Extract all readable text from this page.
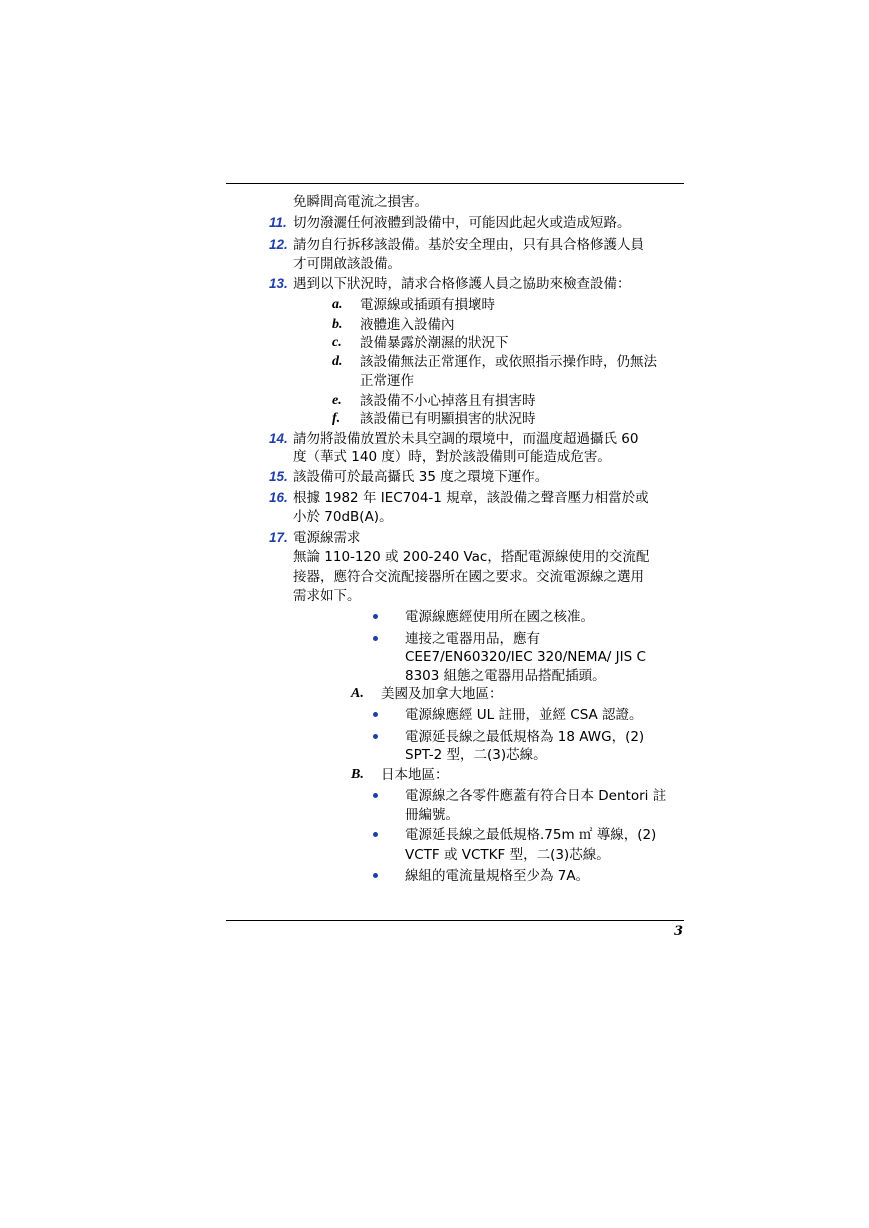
免瞬間高電流之損害。
11. 切勿潑灑任何液體到設備中，可能因此起火或造成短路。
12. 請勿自行拆移該設備。基於安全理由，只有具合格修護人員
才可開啟該設備。
13. 遇到以下狀況時，請求合格修護人員之協助來檢查設備：
a. 電源線或插頭有損壞時
b. 液體進入設備內
c. 設備暴露於潮濕的狀況下
d. 該設備無法正常運作，或依照指示操作時，仍無法
正常運作
e. 該設備不小心掉落且有損害時
f. 該設備已有明顯損害的狀況時
14. 請勿將設備放置於未具空調的環境中，而溫度超過攝氏 60
度（華式 140 度）時，對於該設備則可能造成危害。
15. 該設備可於最高攝氏 35 度之環境下運作。
16. 根據 1982 年 IEC704-1 規章，該設備之聲音壓力相當於或
小於 70dB(A)。
17. 電源線需求
無論 110-120 或 200-240 Vac，搭配電源線使用的交流配
接器，應符合交流配接器所在國之要求。交流電源線之選用
需求如下。
電源線應經使用所在國之核准。
連接之電器用品，應有
CEE7/EN60320/IEC 320/NEMA/ JIS C
8303 組態之電器用品搭配插頭。
A. 美國及加拿大地區：
電源線應經 UL 註冊，並經 CSA 認證。
電源延長線之最低規格為 18 AWG，(2)
SPT-2 型，二(3)芯線。
B. 日本地區：
電源線之各零件應蓋有符合日本 Dentori 註
冊編號。
電源延長線之最低規格.75m ㎡ 導線，(2)
VCTF 或 VCTKF 型，二(3)芯線。
線組的電流量規格至少為 7A。
3
